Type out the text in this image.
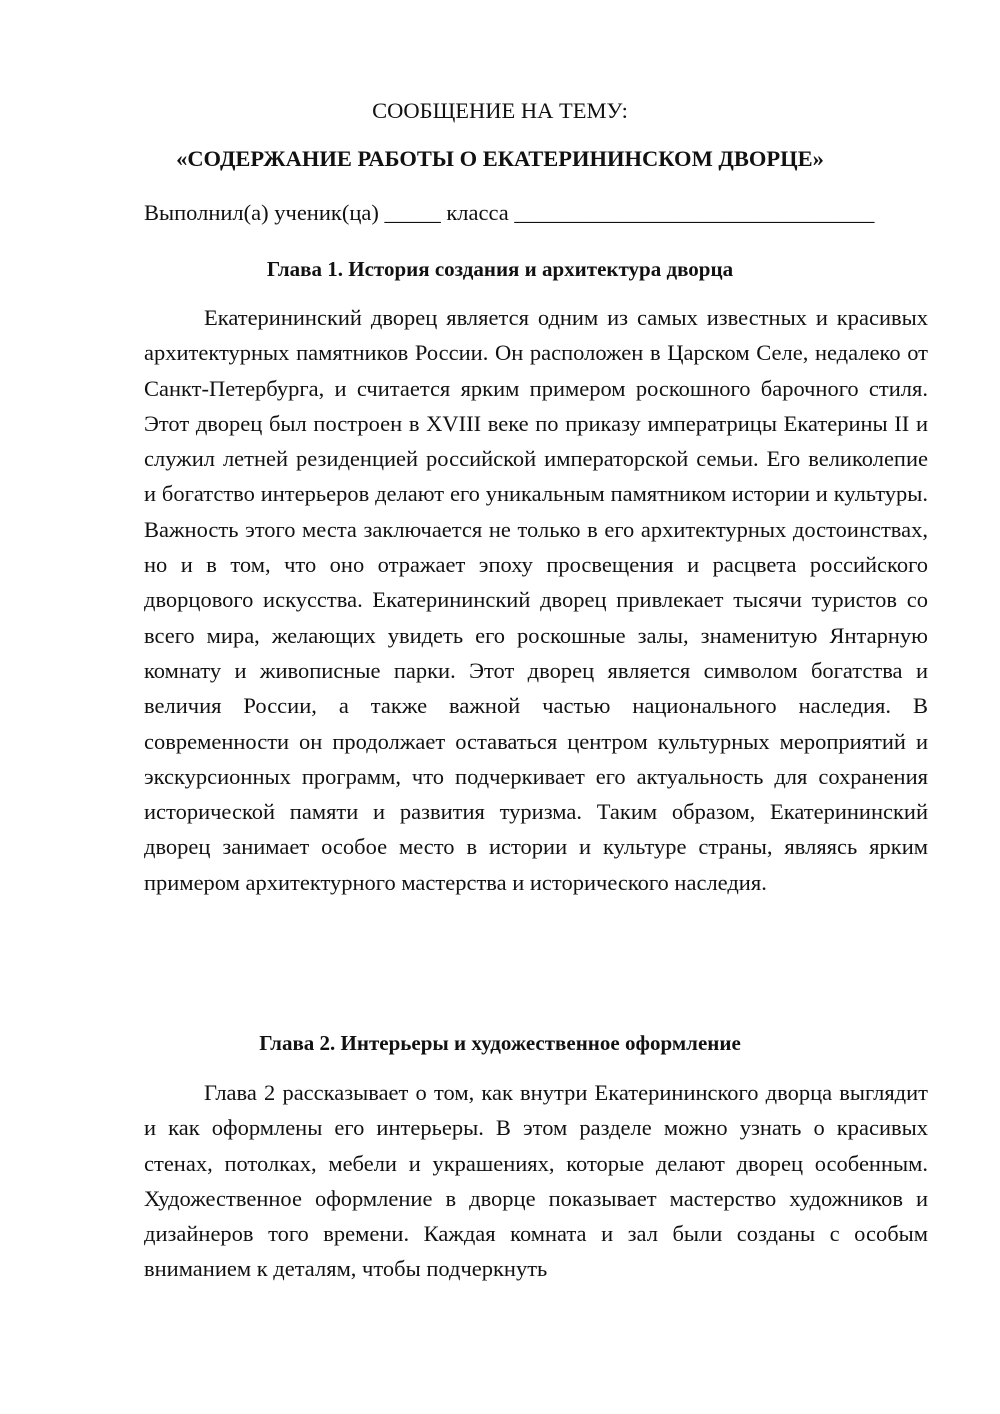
СООБЩЕНИЕ НА ТЕМУ:

«СОДЕРЖАНИЕ РАБОТЫ О ЕКАТЕРИНИНСКОМ ДВОРЦЕ»

Выполнил(а) ученик(ца) _____ класса ________________________________

Глава 1. История создания и архитектура дворца

Екатерининский дворец является одним из самых известных и красивых архитектурных памятников России. Он расположен в Царском Селе, недалеко от Санкт-Петербурга, и считается ярким примером роскошного барочного стиля. Этот дворец был построен в XVIII веке по приказу императрицы Екатерины II и служил летней резиденцией российской императорской семьи. Его великолепие и богатство интерьеров делают его уникальным памятником истории и культуры. Важность этого места заключается не только в его архитектурных достоинствах, но и в том, что оно отражает эпоху просвещения и расцвета российского дворцового искусства. Екатерининский дворец привлекает тысячи туристов со всего мира, желающих увидеть его роскошные залы, знаменитую Янтарную комнату и живописные парки. Этот дворец является символом богатства и величия России, а также важной частью национального наследия. В современности он продолжает оставаться центром культурных мероприятий и экскурсионных программ, что подчеркивает его актуальность для сохранения исторической памяти и развития туризма. Таким образом, Екатерининский дворец занимает особое место в истории и культуре страны, являясь ярким примером архитектурного мастерства и исторического наследия.

Глава 2. Интерьеры и художественное оформление

Глава 2 рассказывает о том, как внутри Екатерининского дворца выглядит и как оформлены его интерьеры. В этом разделе можно узнать о красивых стенах, потолках, мебели и украшениях, которые делают дворец особенным. Художественное оформление в дворце показывает мастерство художников и дизайнеров того времени. Каждая комната и зал были созданы с особым вниманием к деталям, чтобы подчеркнуть
